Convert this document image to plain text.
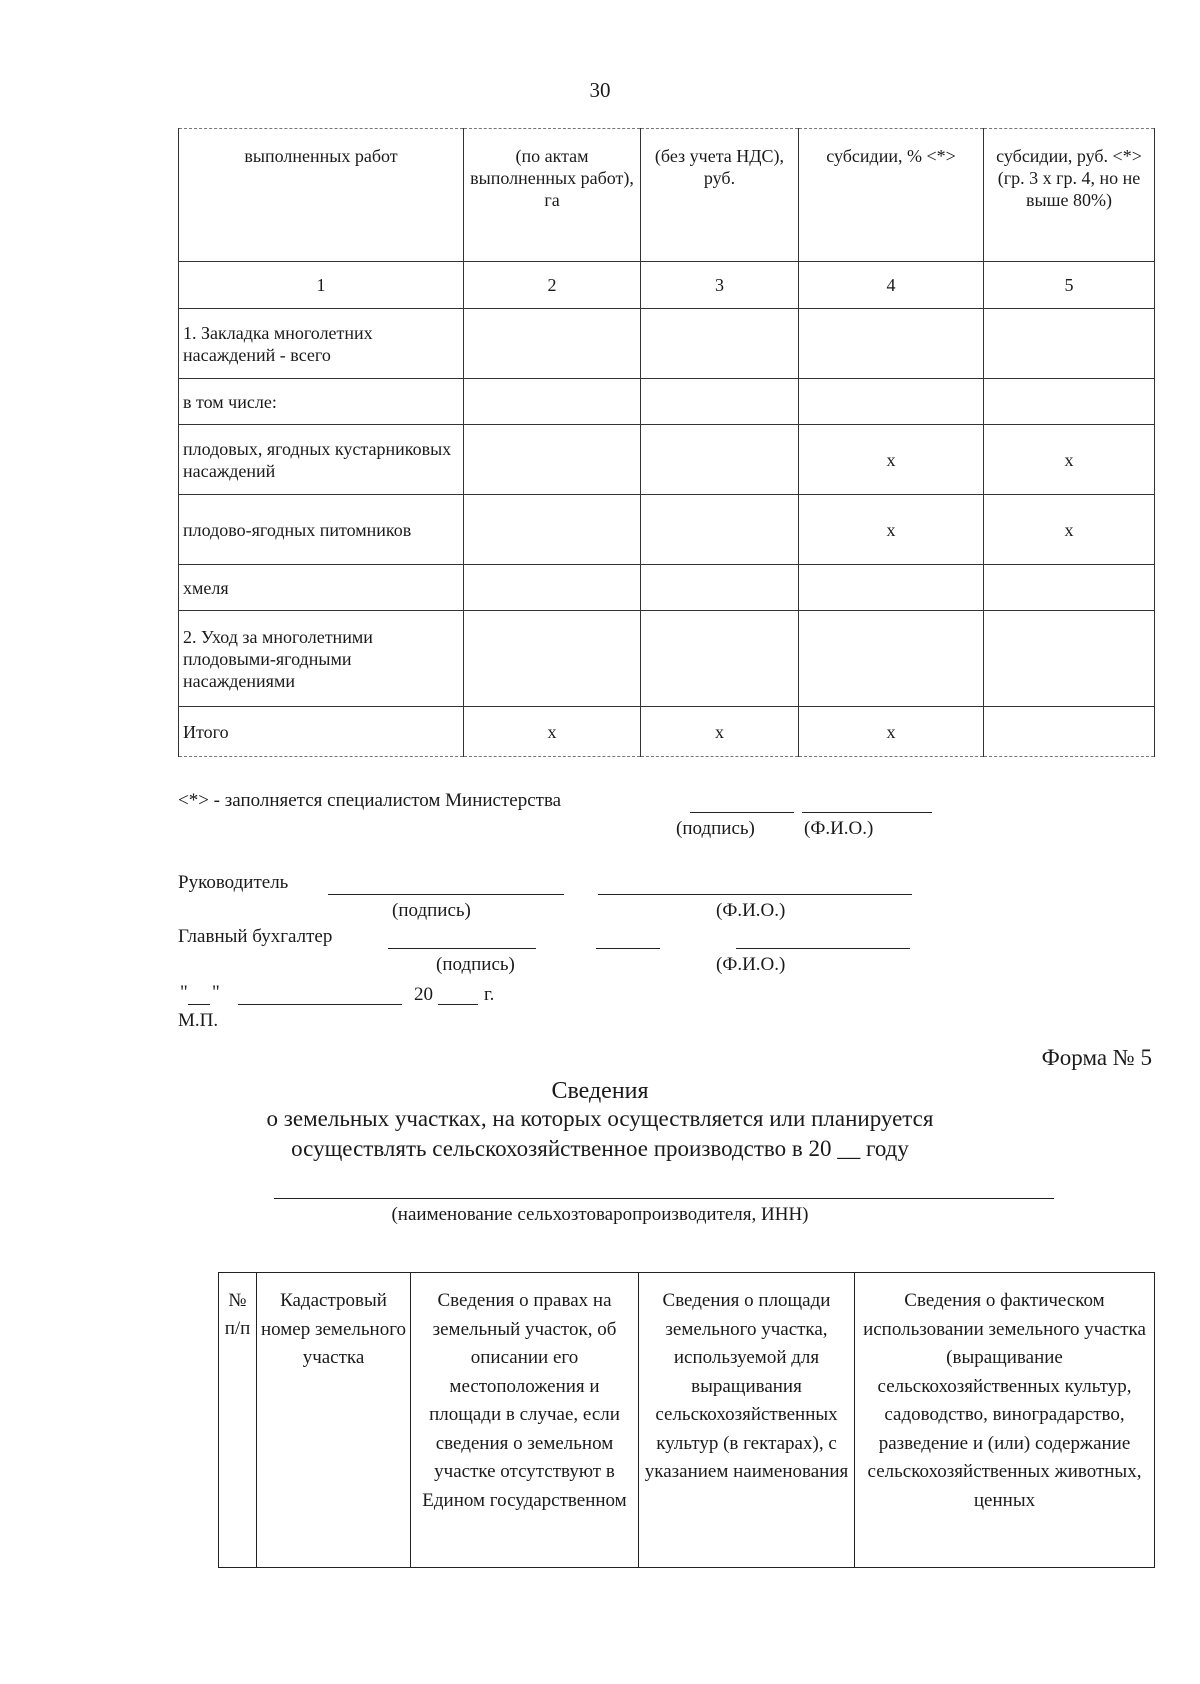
30
выполненных работ	(по актам выполненных работ), га	(без учета НДС), руб.	субсидии, % <*>	субсидии, руб. <*> (гр. 3 x гр. 4, но не выше 80%)
1	2	3	4	5
1. Закладка многолетних насаждений - всего				
в том числе:				
плодовых, ягодных кустарниковых насаждений			x	x
плодово-ягодных питомников			x	x
хмеля				
2. Уход за многолетними плодовыми-ягодными насаждениями				
Итого	x	x	x	
<*> - заполняется специалистом Министерства
(подпись)	(Ф.И.О.)
Руководитель
(подпись)	(Ф.И.О.)
Главный бухгалтер
(подпись)	(Ф.И.О.)
" "	20	г.
М.П.
Форма № 5
Сведения
о земельных участках, на которых осуществляется или планируется
осуществлять сельскохозяйственное производство в 20 __ году
(наименование сельхозтоваропроизводителя, ИНН)
№ п/п	Кадастровый номер земельного участка	Сведения о правах на земельный участок, об описании его местоположения и площади в случае, если сведения о земельном участке отсутствуют в Едином государственном	Сведения о площади земельного участка, используемой для выращивания сельскохозяйственных культур (в гектарах), с указанием наименования	Сведения о фактическом использовании земельного участка (выращивание сельскохозяйственных культур, садоводство, виноградарство, разведение и (или) содержание сельскохозяйственных животных, ценных
